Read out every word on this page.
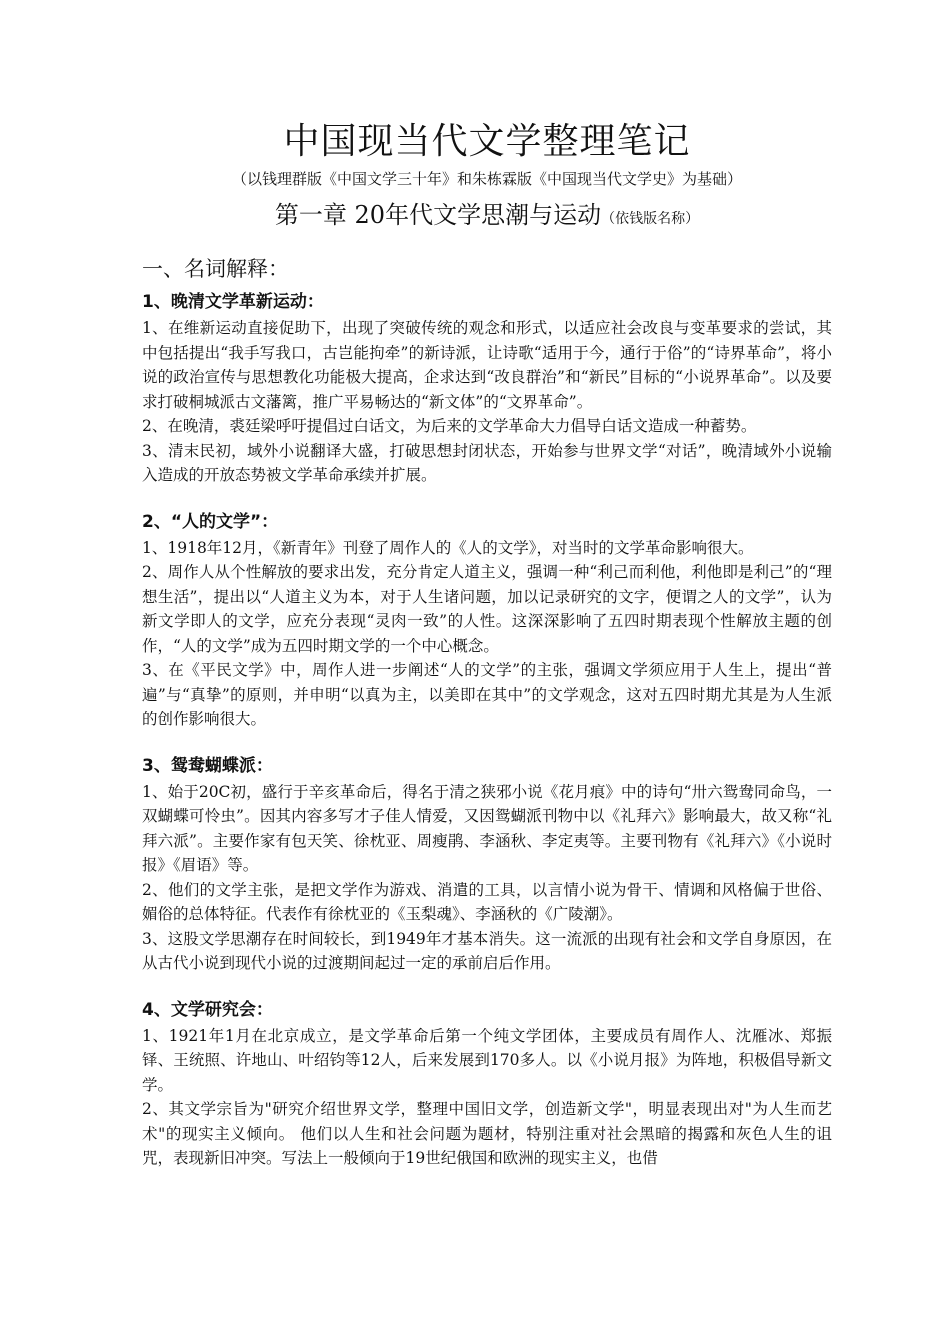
中国现当代文学整理笔记

（以钱理群版《中国文学三十年》和朱栋霖版《中国现当代文学史》为基础）

第一章 20年代文学思潮与运动（依钱版名称）
一、名词解释：
1、晚清文学革新运动：

1、在维新运动直接促助下，出现了突破传统的观念和形式，以适应社会改良与变革要求的尝试，其中包括提出“我手写我口，古岂能拘牵”的新诗派，让诗歌“适用于今，通行于俗”的“诗界革命”，将小说的政治宣传与思想教化功能极大提高，企求达到“改良群治”和“新民”目标的“小说界革命”。以及要求打破桐城派古文藩篱，推广平易畅达的“新文体”的“文界革命”。

2、在晚清，裘廷梁呼吁提倡过白话文，为后来的文学革命大力倡导白话文造成一种蓄势。

3、清末民初，域外小说翻译大盛，打破思想封闭状态，开始参与世界文学“对话”，晚清域外小说输入造成的开放态势被文学革命承续并扩展。

2、“人的文学”：

1、1918年12月，《新青年》刊登了周作人的《人的文学》，对当时的文学革命影响很大。

2、周作人从个性解放的要求出发，充分肯定人道主义，强调一种“利己而利他，利他即是利己”的“理想生活”，提出以“人道主义为本，对于人生诸问题，加以记录研究的文字，便谓之人的文学”，认为新文学即人的文学，应充分表现“灵肉一致”的人性。这深深影响了五四时期表现个性解放主题的创作，“人的文学”成为五四时期文学的一个中心概念。

3、在《平民文学》中，周作人进一步阐述“人的文学”的主张，强调文学须应用于人生上，提出“普遍”与“真挚”的原则，并申明“以真为主，以美即在其中”的文学观念，这对五四时期尤其是为人生派的创作影响很大。

3、鸳鸯蝴蝶派：

1、始于20C初，盛行于辛亥革命后，得名于清之狭邪小说《花月痕》中的诗句“卅六鸳鸯同命鸟，一双蝴蝶可怜虫”。因其内容多写才子佳人情爱，又因鸳蝴派刊物中以《礼拜六》影响最大，故又称“礼拜六派”。主要作家有包天笑、徐枕亚、周瘦鹃、李涵秋、李定夷等。主要刊物有《礼拜六》《小说时报》《眉语》等。

2、他们的文学主张，是把文学作为游戏、消遣的工具，以言情小说为骨干、情调和风格偏于世俗、媚俗的总体特征。代表作有徐枕亚的《玉梨魂》、李涵秋的《广陵潮》。

3、这股文学思潮存在时间较长，到1949年才基本消失。这一流派的出现有社会和文学自身原因，在从古代小说到现代小说的过渡期间起过一定的承前启后作用。

4、文学研究会：

1、1921年1月在北京成立，是文学革命后第一个纯文学团体，主要成员有周作人、沈雁冰、郑振铎、王统照、许地山、叶绍钧等12人，后来发展到170多人。以《小说月报》为阵地，积极倡导新文学。

2、其文学宗旨为"研究介绍世界文学，整理中国旧文学，创造新文学"，明显表现出对"为人生而艺术"的现实主义倾向。 他们以人生和社会问题为题材，特别注重对社会黑暗的揭露和灰色人生的诅咒，表现新旧冲突。写法上一般倾向于19世纪俄国和欧洲的现实主义，也借
